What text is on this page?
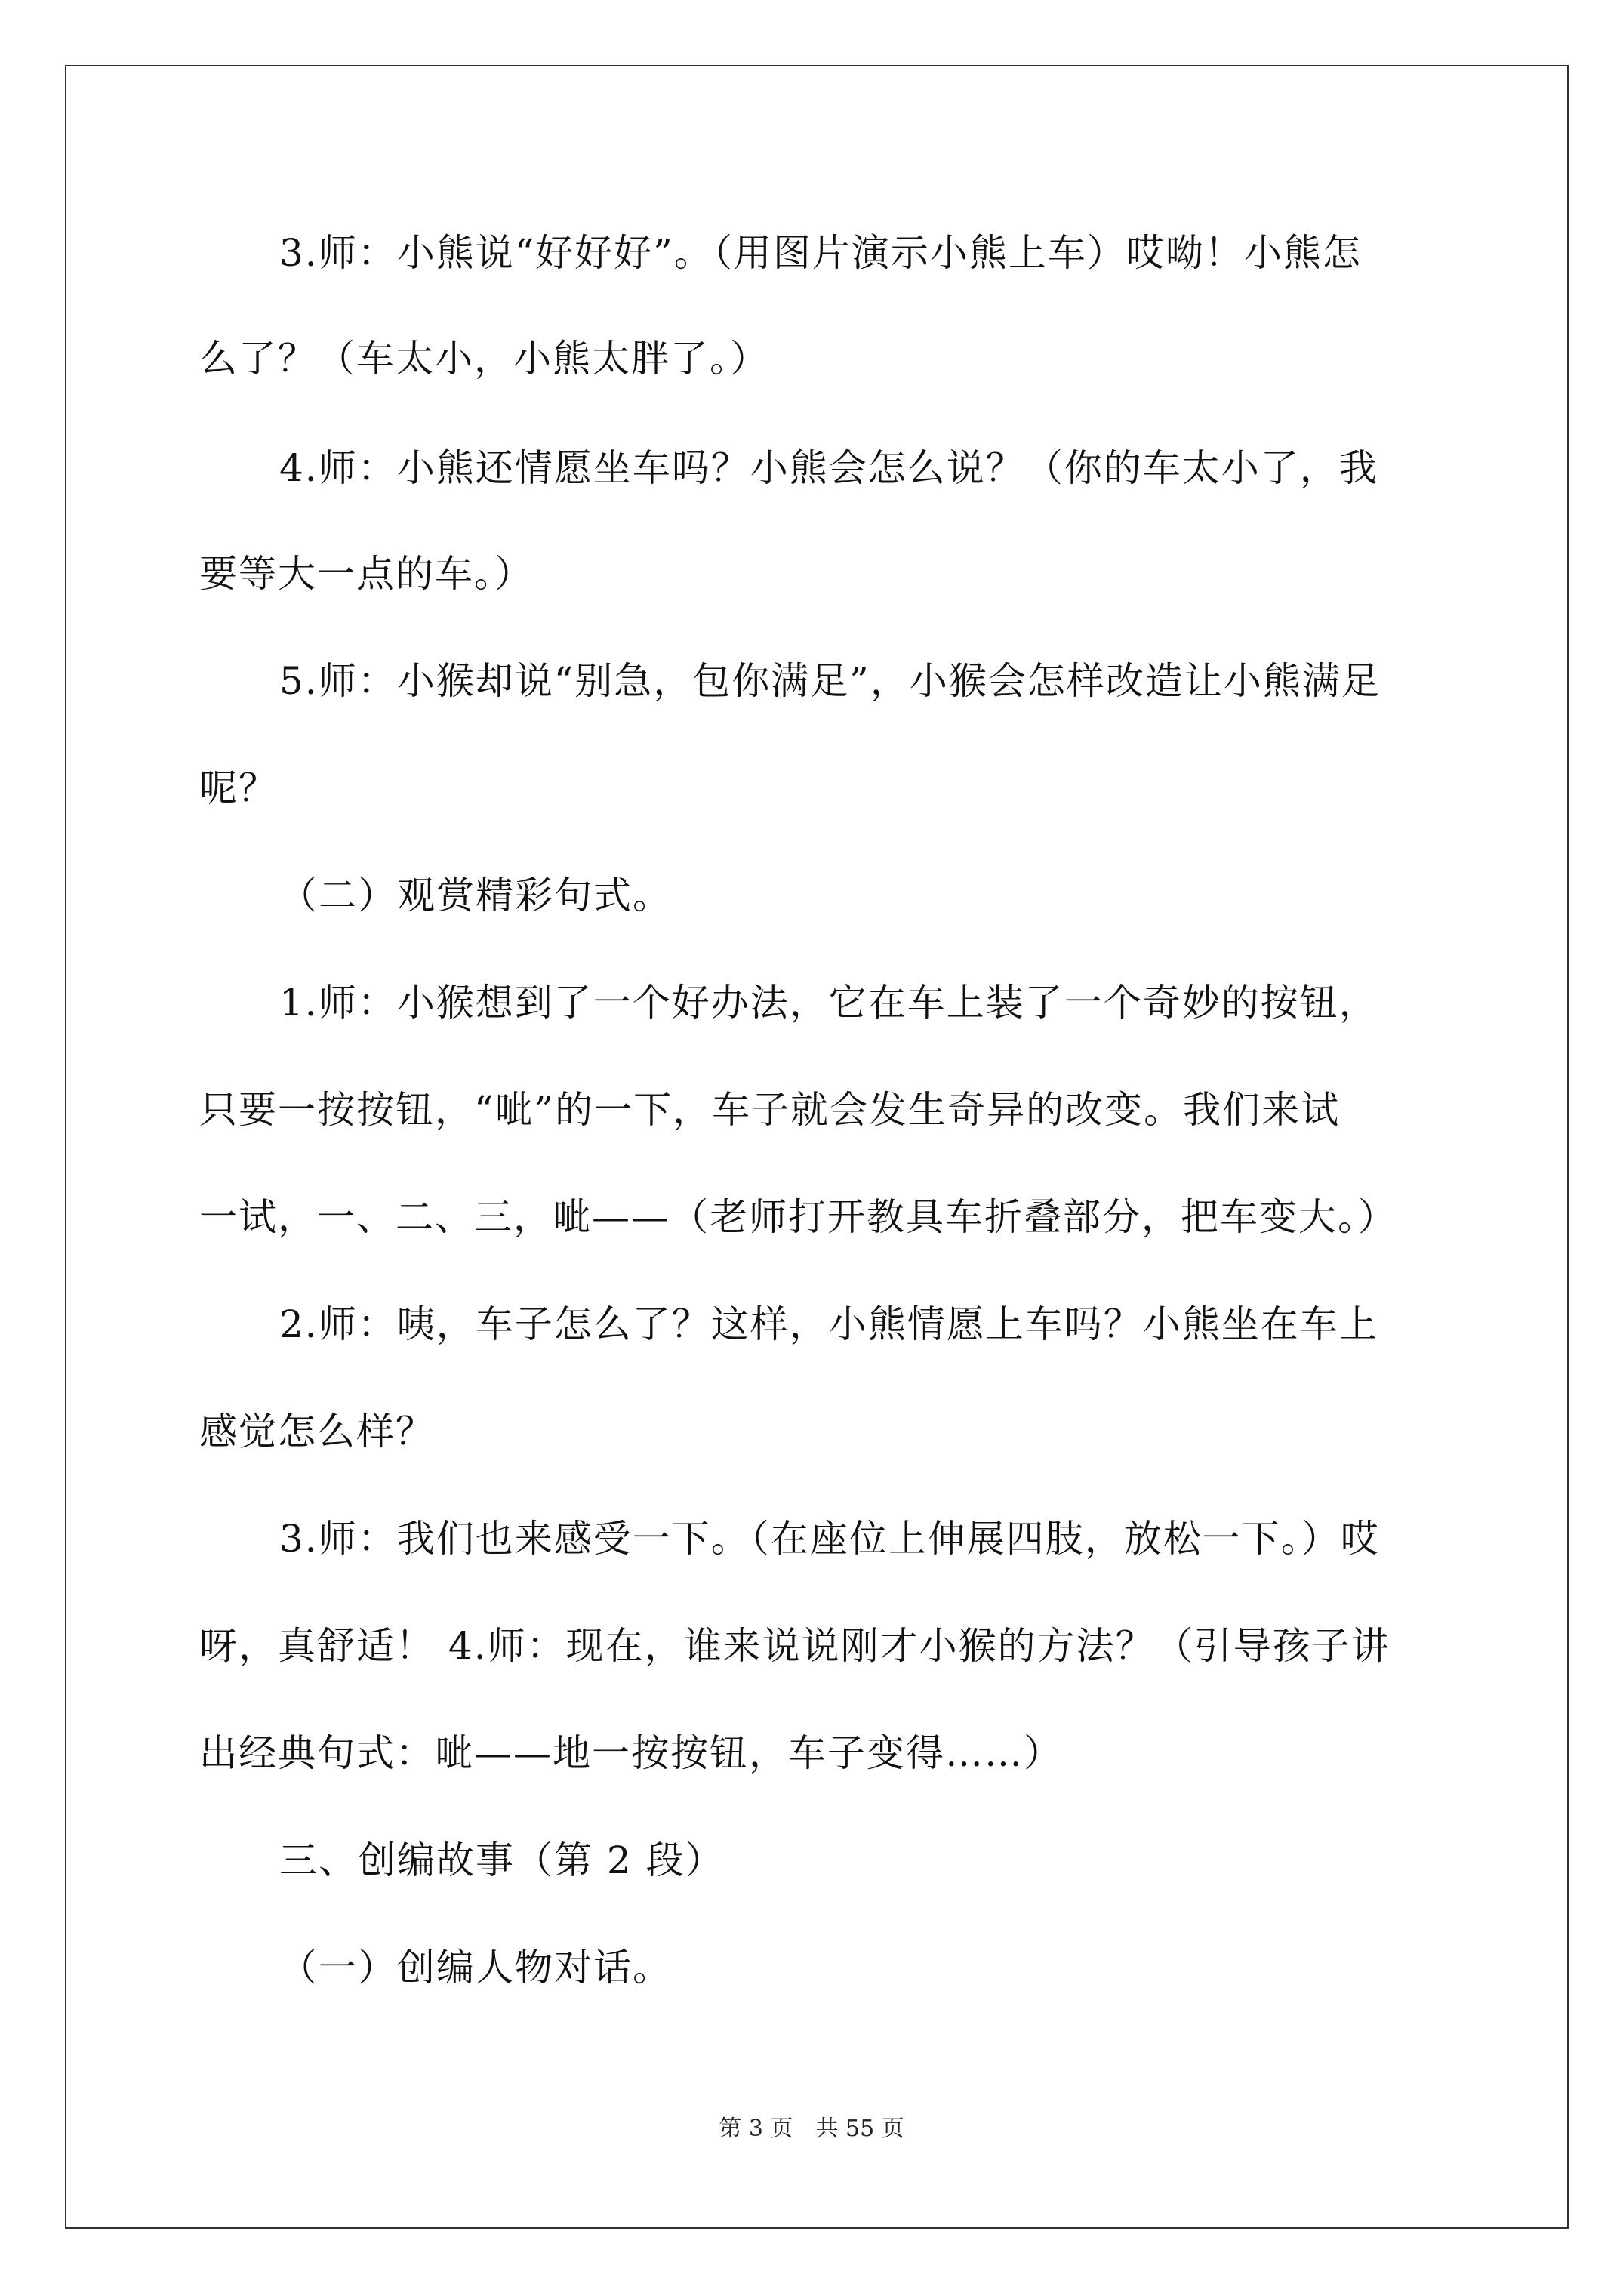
3.师：小熊说“好好好”。（用图片演示小熊上车）哎呦！小熊怎
么了？（车太小，小熊太胖了。）
4.师：小熊还情愿坐车吗？小熊会怎么说？（你的车太小了，我
要等大一点的车。）
5.师：小猴却说“别急，包你满足”，小猴会怎样改造让小熊满足
呢？
（二）观赏精彩句式。
1.师：小猴想到了一个好办法，它在车上装了一个奇妙的按钮，
只要一按按钮，“呲”的一下，车子就会发生奇异的改变。我们来试
一试，一、二、三，呲——（老师打开教具车折叠部分，把车变大。）
2.师：咦，车子怎么了？这样，小熊情愿上车吗？小熊坐在车上
感觉怎么样？
3.师：我们也来感受一下。（在座位上伸展四肢，放松一下。）哎
呀，真舒适！ 4.师：现在，谁来说说刚才小猴的方法？（引导孩子讲
出经典句式：呲——地一按按钮，车子变得……）
三、创编故事（第 2 段）
（一）创编人物对话。
第 3 页　共 55 页
